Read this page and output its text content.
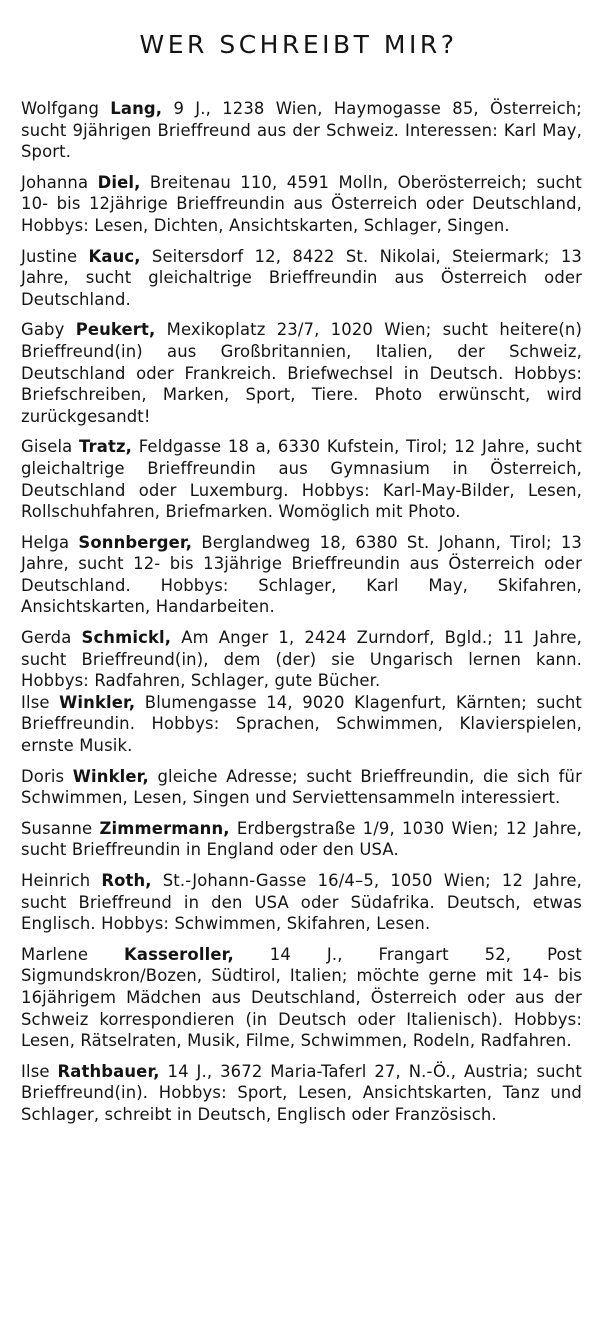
WER SCHREIBT MIR?

Wolfgang Lang, 9 J., 1238 Wien, Haymogasse 85, Österreich; sucht 9jährigen Brieffreund aus der Schweiz. Interessen: Karl May, Sport.

Johanna Diel, Breitenau 110, 4591 Molln, Oberösterreich; sucht 10- bis 12jährige Brieffreundin aus Österreich oder Deutschland, Hobbys: Lesen, Dichten, Ansichtskarten, Schlager, Singen.

Justine Kauc, Seitersdorf 12, 8422 St. Nikolai, Steiermark; 13 Jahre, sucht gleichaltrige Brieffreundin aus Österreich oder Deutschland.

Gaby Peukert, Mexikoplatz 23/7, 1020 Wien; sucht heitere(n) Brieffreund(in) aus Großbritannien, Italien, der Schweiz, Deutschland oder Frankreich. Briefwechsel in Deutsch. Hobbys: Briefschreiben, Marken, Sport, Tiere. Photo erwünscht, wird zurückgesandt!

Gisela Tratz, Feldgasse 18 a, 6330 Kufstein, Tirol; 12 Jahre, sucht gleichaltrige Brieffreundin aus Gymnasium in Österreich, Deutschland oder Luxemburg. Hobbys: Karl-May-Bilder, Lesen, Rollschuhfahren, Briefmarken. Womöglich mit Photo.

Helga Sonnberger, Berglandweg 18, 6380 St. Johann, Tirol; 13 Jahre, sucht 12- bis 13jährige Brieffreundin aus Österreich oder Deutschland. Hobbys: Schlager, Karl May, Skifahren, Ansichtskarten, Handarbeiten.

Gerda Schmickl, Am Anger 1, 2424 Zurndorf, Bgld.; 11 Jahre, sucht Brieffreund(in), dem (der) sie Ungarisch lernen kann. Hobbys: Radfahren, Schlager, gute Bücher.

Ilse Winkler, Blumengasse 14, 9020 Klagenfurt, Kärnten; sucht Brieffreundin. Hobbys: Sprachen, Schwimmen, Klavierspielen, ernste Musik.

Doris Winkler, gleiche Adresse; sucht Brieffreundin, die sich für Schwimmen, Lesen, Singen und Serviettensammeln interessiert.

Susanne Zimmermann, Erdbergstraße 1/9, 1030 Wien; 12 Jahre, sucht Brieffreundin in England oder den USA.

Heinrich Roth, St.-Johann-Gasse 16/4–5, 1050 Wien; 12 Jahre, sucht Brieffreund in den USA oder Südafrika. Deutsch, etwas Englisch. Hobbys: Schwimmen, Skifahren, Lesen.

Marlene Kasseroller, 14 J., Frangart 52, Post Sigmundskron/Bozen, Südtirol, Italien; möchte gerne mit 14- bis 16jährigem Mädchen aus Deutschland, Österreich oder aus der Schweiz korrespondieren (in Deutsch oder Italienisch). Hobbys: Lesen, Rätselraten, Musik, Filme, Schwimmen, Rodeln, Radfahren.

Ilse Rathbauer, 14 J., 3672 Maria-Taferl 27, N.-Ö., Austria; sucht Brieffreund(in). Hobbys: Sport, Lesen, Ansichtskarten, Tanz und Schlager, schreibt in Deutsch, Englisch oder Französisch.
